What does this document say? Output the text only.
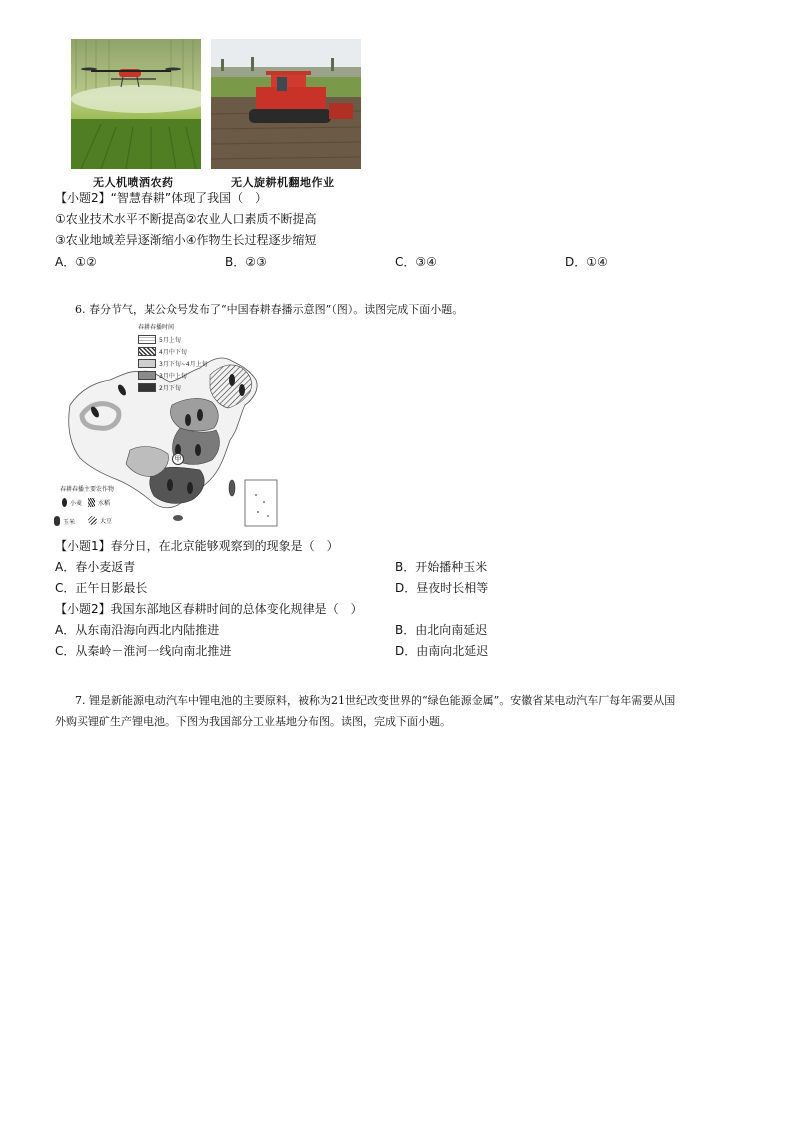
无人机喷洒农药	无人旋耕机翻地作业
【小题2】“智慧春耕”体现了我国（　）
①农业技术水平不断提高②农业人口素质不断提高
③农业地域差异逐渐缩小④作物生长过程逐步缩短
A．①②	B．②③	C．③④	D．①④
6. 春分节气，某公众号发布了“中国春耕春播示意图”（图）。读图完成下面小题。
春耕春播时间
5月上旬
4月中下旬
3月下旬~4月上旬
3月中上旬
2月下旬
甲
春耕春播主要农作物
小麦	水稻
玉米	大豆
【小题1】春分日，在北京能够观察到的现象是（　）
A．春小麦返青	B．开始播种玉米
C．正午日影最长	D．昼夜时长相等
【小题2】我国东部地区春耕时间的总体变化规律是（　）
A．从东南沿海向西北内陆推进	B．由北向南延迟
C．从秦岭－淮河一线向南北推进	D．由南向北延迟
7. 锂是新能源电动汽车中锂电池的主要原料，被称为21世纪改变世界的“绿色能源金属”。安徽省某电动汽车厂每年需要从国
外购买锂矿生产锂电池。下图为我国部分工业基地分布图。读图，完成下面小题。
